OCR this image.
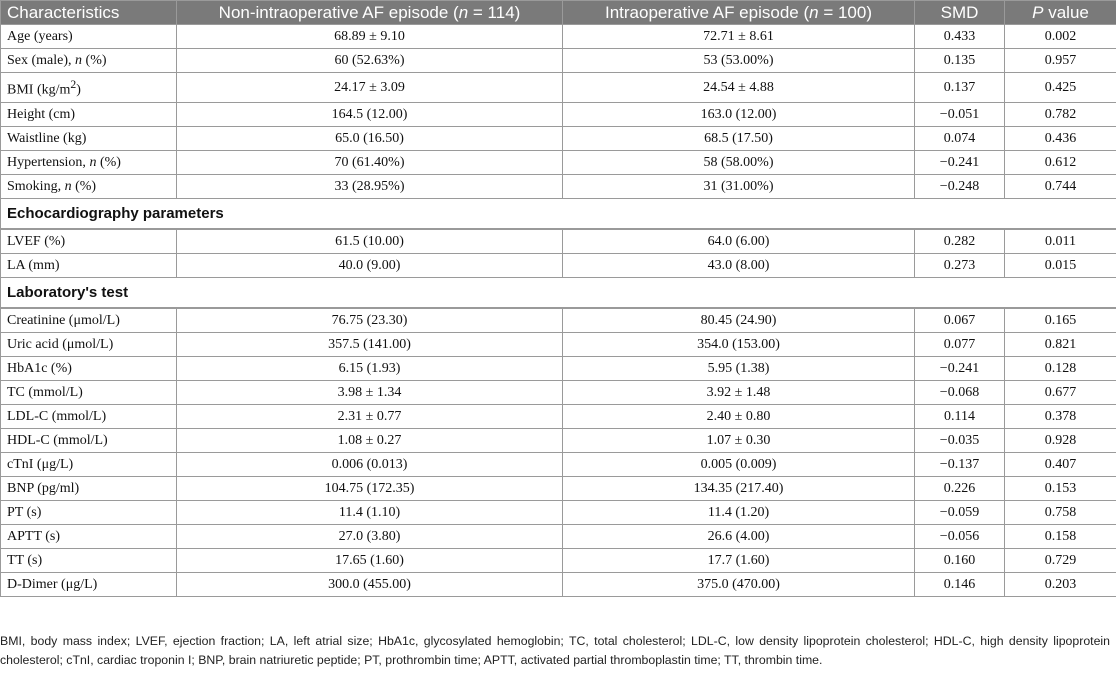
Characteristics	Non-intraoperative AF episode (n = 114)	Intraoperative AF episode (n = 100)	SMD	P value
Age (years)	68.89 ± 9.10	72.71 ± 8.61	0.433	0.002
Sex (male), n (%)	60 (52.63%)	53 (53.00%)	0.135	0.957
BMI $(kg/m^2)$	24.17 ± 3.09	24.54 ± 4.88	0.137	0.425
Height (cm)	164.5 (12.00)	163.0 (12.00)	−0.051	0.782
Waistline (kg)	65.0 (16.50)	68.5 (17.50)	0.074	0.436
Hypertension, n (%)	70 (61.40%)	58 (58.00%)	−0.241	0.612
Smoking, n (%)	33 (28.95%)	31 (31.00%)	−0.248	0.744
Echocardiography parameters				
LVEF (%)	61.5 (10.00)	64.0 (6.00)	0.282	0.011
LA (mm)	40.0 (9.00)	43.0 (8.00)	0.273	0.015
Laboratory's test				
Creatinine (μmol/L)	76.75 (23.30)	80.45 (24.90)	0.067	0.165
Uric acid (μmol/L)	357.5 (141.00)	354.0 (153.00)	0.077	0.821
HbA1c (%)	6.15 (1.93)	5.95 (1.38)	−0.241	0.128
TC (mmol/L)	3.98 ± 1.34	3.92 ± 1.48	−0.068	0.677
LDL-C (mmol/L)	2.31 ± 0.77	2.40 ± 0.80	0.114	0.378
HDL-C (mmol/L)	1.08 ± 0.27	1.07 ± 0.30	−0.035	0.928
cTnI (μg/L)	0.006 (0.013)	0.005 (0.009)	−0.137	0.407
BNP (pg/ml)	104.75 (172.35)	134.35 (217.40)	0.226	0.153
PT (s)	11.4 (1.10)	11.4 (1.20)	−0.059	0.758
APTT (s)	27.0 (3.80)	26.6 (4.00)	−0.056	0.158
TT (s)	17.65 (1.60)	17.7 (1.60)	0.160	0.729
D-Dimer (μg/L)	300.0 (455.00)	375.0 (470.00)	0.146	0.203
BMI, body mass index; LVEF, ejection fraction; LA, left atrial size; HbA1c, glycosylated hemoglobin; TC, total cholesterol; LDL-C, low density lipoprotein cholesterol; HDL-C, high density lipoprotein cholesterol; cTnI, cardiac troponin I; BNP, brain natriuretic peptide; PT, prothrombin time; APTT, activated partial thromboplastin time; TT, thrombin time.
